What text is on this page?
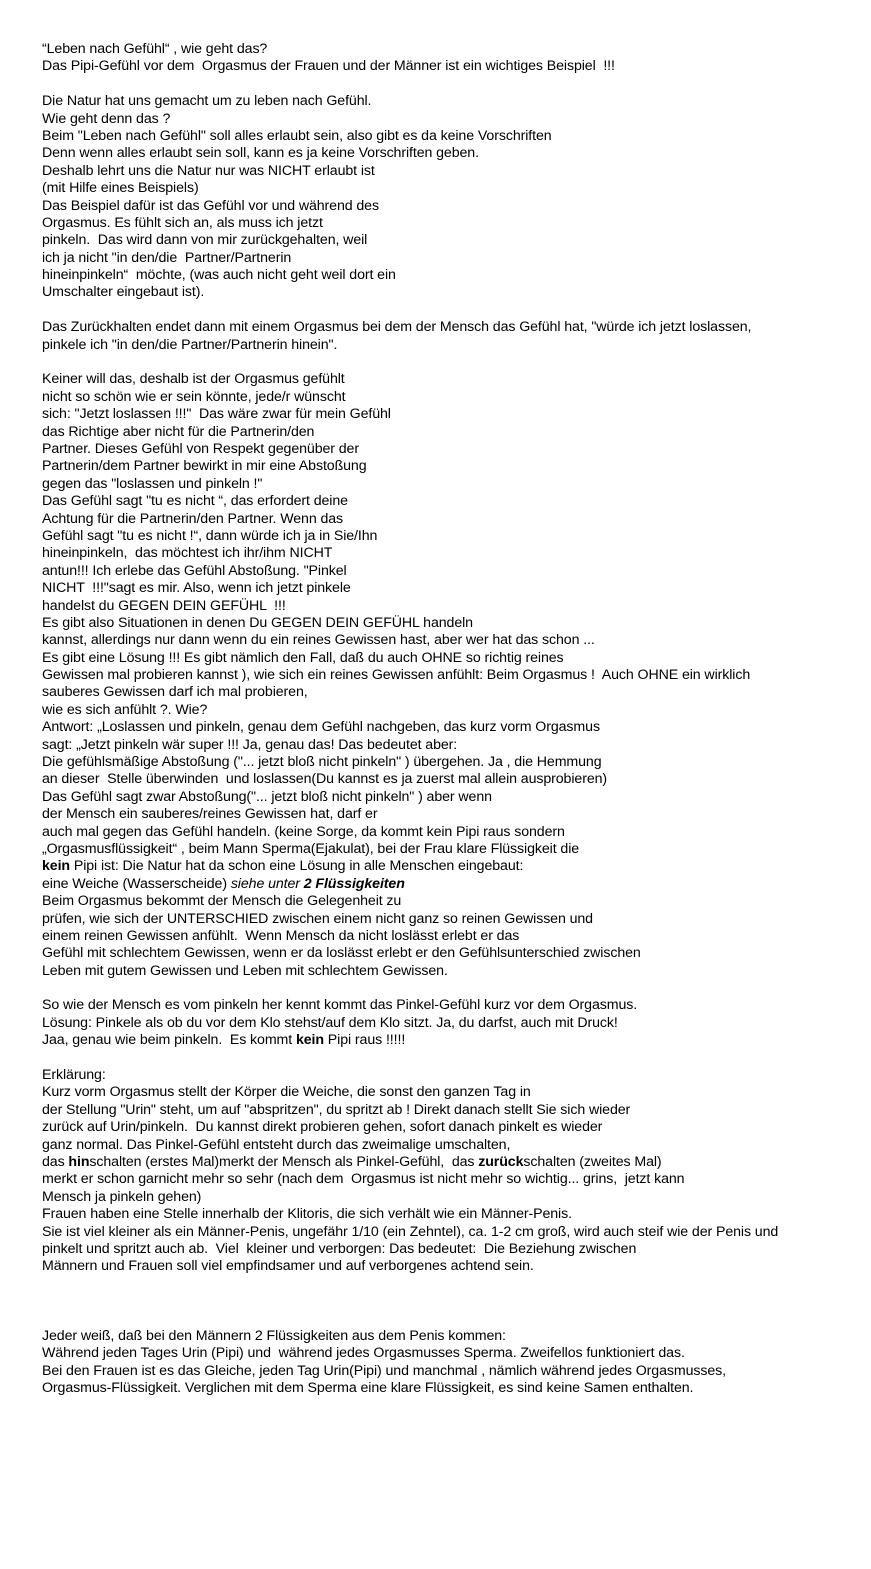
“Leben nach Gefühl“ , wie geht das?
Das Pipi-Gefühl vor dem  Orgasmus der Frauen und der Männer ist ein wichtiges Beispiel  !!!
Die Natur hat uns gemacht um zu leben nach Gefühl.
Wie geht denn das ?
Beim "Leben nach Gefühl" soll alles erlaubt sein, also gibt es da keine Vorschriften
Denn wenn alles erlaubt sein soll, kann es ja keine Vorschriften geben.
Deshalb lehrt uns die Natur nur was NICHT erlaubt ist
(mit Hilfe eines Beispiels)
Das Beispiel dafür ist das Gefühl vor und während des
Orgasmus. Es fühlt sich an, als muss ich jetzt
pinkeln.  Das wird dann von mir zurückgehalten, weil
ich ja nicht "in den/die  Partner/Partnerin
hineinpinkeln“  möchte, (was auch nicht geht weil dort ein
Umschalter eingebaut ist).
Das Zurückhalten endet dann mit einem Orgasmus bei dem der Mensch das Gefühl hat, "würde ich jetzt loslassen,
pinkele ich "in den/die Partner/Partnerin hinein".
Keiner will das, deshalb ist der Orgasmus gefühlt
nicht so schön wie er sein könnte, jede/r wünscht
sich: "Jetzt loslassen !!!"  Das wäre zwar für mein Gefühl
das Richtige aber nicht für die Partnerin/den
Partner. Dieses Gefühl von Respekt gegenüber der
Partnerin/dem Partner bewirkt in mir eine Abstoßung
gegen das "loslassen und pinkeln !"
Das Gefühl sagt "tu es nicht “, das erfordert deine
Achtung für die Partnerin/den Partner. Wenn das
Gefühl sagt "tu es nicht !“, dann würde ich ja in Sie/Ihn
hineinpinkeln,  das möchtest ich ihr/ihm NICHT
antun!!! Ich erlebe das Gefühl Abstoßung. "Pinkel
NICHT  !!!"sagt es mir. Also, wenn ich jetzt pinkele
handelst du GEGEN DEIN GEFÜHL  !!!
Es gibt also Situationen in denen Du GEGEN DEIN GEFÜHL handeln
kannst, allerdings nur dann wenn du ein reines Gewissen hast, aber wer hat das schon ...
Es gibt eine Lösung !!! Es gibt nämlich den Fall, daß du auch OHNE so richtig reines
Gewissen mal probieren kannst ), wie sich ein reines Gewissen anfühlt: Beim Orgasmus !  Auch OHNE ein wirklich
sauberes Gewissen darf ich mal probieren,
wie es sich anfühlt ?. Wie?
Antwort: „Loslassen und pinkeln, genau dem Gefühl nachgeben, das kurz vorm Orgasmus
sagt: „Jetzt pinkeln wär super !!! Ja, genau das! Das bedeutet aber:
Die gefühlsmäßige Abstoßung ("... jetzt bloß nicht pinkeln" ) übergehen. Ja , die Hemmung
an dieser  Stelle überwinden  und loslassen(Du kannst es ja zuerst mal allein ausprobieren)
Das Gefühl sagt zwar Abstoßung("... jetzt bloß nicht pinkeln" ) aber wenn
der Mensch ein sauberes/reines Gewissen hat, darf er
auch mal gegen das Gefühl handeln. (keine Sorge, da kommt kein Pipi raus sondern
„Orgasmusflüssigkeit“ , beim Mann Sperma(Ejakulat), bei der Frau klare Flüssigkeit die
kein Pipi ist: Die Natur hat da schon eine Lösung in alle Menschen eingebaut:
eine Weiche (Wasserscheide) siehe unter 2 Flüssigkeiten
Beim Orgasmus bekommt der Mensch die Gelegenheit zu
prüfen, wie sich der UNTERSCHIED zwischen einem nicht ganz so reinen Gewissen und
einem reinen Gewissen anfühlt.  Wenn Mensch da nicht loslässt erlebt er das
Gefühl mit schlechtem Gewissen, wenn er da loslässt erlebt er den Gefühlsunterschied zwischen
Leben mit gutem Gewissen und Leben mit schlechtem Gewissen.
So wie der Mensch es vom pinkeln her kennt kommt das Pinkel-Gefühl kurz vor dem Orgasmus.
Lösung: Pinkele als ob du vor dem Klo stehst/auf dem Klo sitzt. Ja, du darfst, auch mit Druck!
Jaa, genau wie beim pinkeln.  Es kommt kein Pipi raus !!!!!
Erklärung:
Kurz vorm Orgasmus stellt der Körper die Weiche, die sonst den ganzen Tag in
der Stellung "Urin" steht, um auf "abspritzen", du spritzt ab ! Direkt danach stellt Sie sich wieder
zurück auf Urin/pinkeln.  Du kannst direkt probieren gehen, sofort danach pinkelt es wieder
ganz normal. Das Pinkel-Gefühl entsteht durch das zweimalige umschalten,
das hinschalten (erstes Mal)merkt der Mensch als Pinkel-Gefühl,  das zurückschalten (zweites Mal)
merkt er schon garnicht mehr so sehr (nach dem  Orgasmus ist nicht mehr so wichtig... grins,  jetzt kann
Mensch ja pinkeln gehen)
Frauen haben eine Stelle innerhalb der Klitoris, die sich verhält wie ein Männer-Penis.
Sie ist viel kleiner als ein Männer-Penis, ungefähr 1/10 (ein Zehntel), ca. 1-2 cm groß, wird auch steif wie der Penis und
pinkelt und spritzt auch ab.  Viel  kleiner und verborgen: Das bedeutet:  Die Beziehung zwischen
Männern und Frauen soll viel empfindsamer und auf verborgenes achtend sein.
Jeder weiß, daß bei den Männern 2 Flüssigkeiten aus dem Penis kommen:
Während jeden Tages Urin (Pipi) und  während jedes Orgasmusses Sperma. Zweifellos funktioniert das.
Bei den Frauen ist es das Gleiche, jeden Tag Urin(Pipi) und manchmal , nämlich während jedes Orgasmusses,
Orgasmus-Flüssigkeit. Verglichen mit dem Sperma eine klare Flüssigkeit, es sind keine Samen enthalten.
